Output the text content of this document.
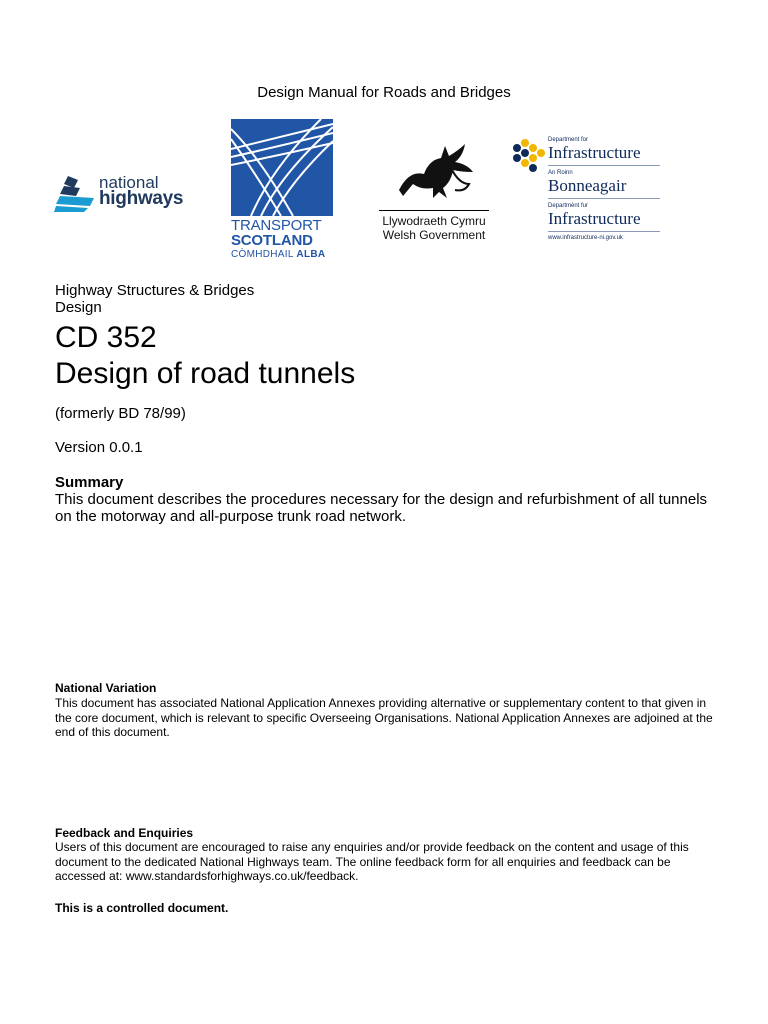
Design Manual for Roads and Bridges
national
highways
TRANSPORT
SCOTLAND
CÒMHDHAIL ALBA
Llywodraeth Cymru
Welsh Government
Department for
Infrastructure
An Roinn
Bonneagair
Departmènt fur
Infrastructure
www.infrastructure-ni.gov.uk
Highway Structures & Bridges
Design
CD 352
Design of road tunnels
(formerly BD 78/99)
Version 0.0.1
Summary
This document describes the procedures necessary for the design and refurbishment of all tunnels on the motorway and all-purpose trunk road network.
National Variation
This document has associated National Application Annexes providing alternative or supplementary content to that given in the core document, which is relevant to specific Overseeing Organisations. National Application Annexes are adjoined at the end of this document.
Feedback and Enquiries
Users of this document are encouraged to raise any enquiries and/or provide feedback on the content and usage of this document to the dedicated National Highways team. The online feedback form for all enquiries and feedback can be accessed at: www.standardsforhighways.co.uk/feedback.
This is a controlled document.
